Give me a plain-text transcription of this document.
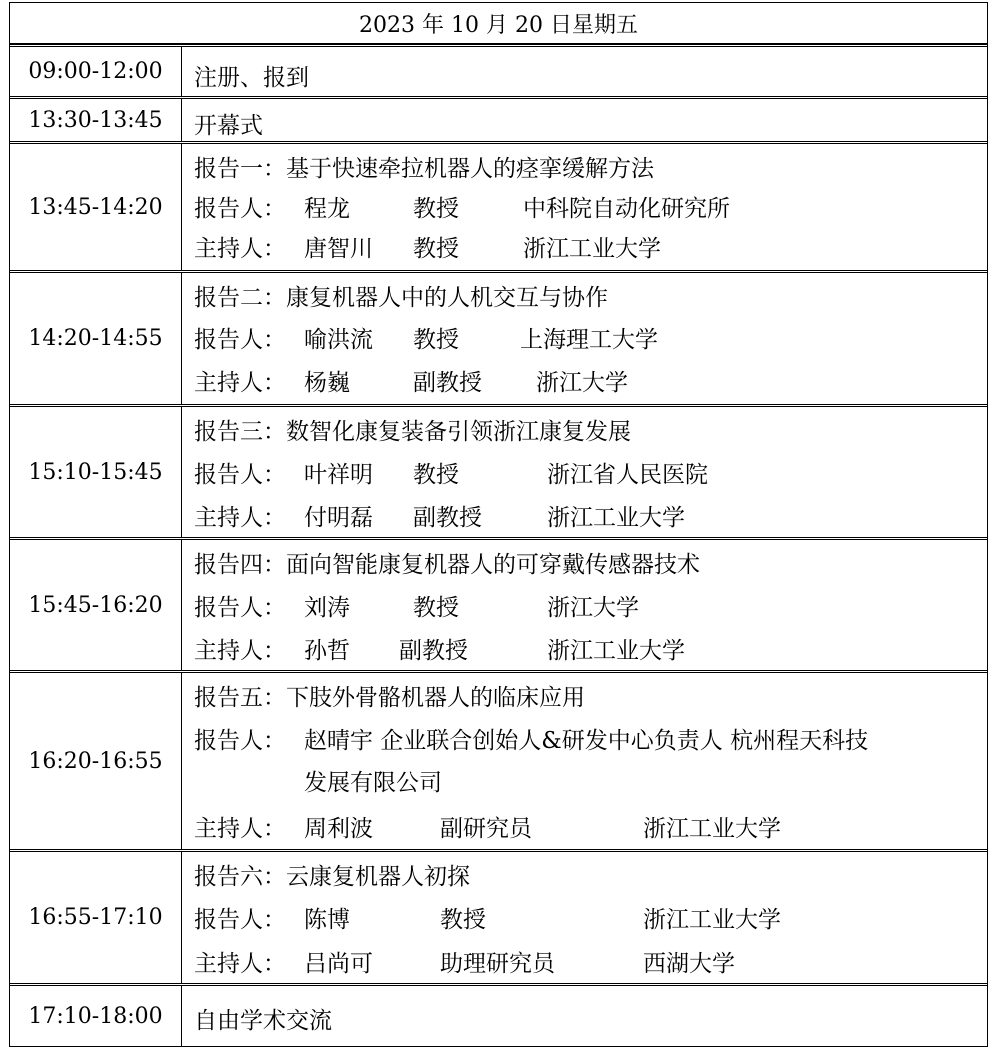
2023 年 10 月 20 日星期五
09:00-12:00	注册、报到
13:30-13:45	开幕式
13:45-14:20
报告一：基于快速牵拉机器人的痉挛缓解方法
报告人： 程龙	教授	中科院自动化研究所
主持人： 唐智川 教授	浙江工业大学
14:20-14:55
报告二：康复机器人中的人机交互与协作
报告人： 喻洪流 教授	上海理工大学
主持人： 杨巍	副教授 浙江大学
15:10-15:45
报告三：数智化康复装备引领浙江康复发展
报告人： 叶祥明 教授	浙江省人民医院
主持人： 付明磊 副教授	浙江工业大学
15:45-16:20
报告四：面向智能康复机器人的可穿戴传感器技术
报告人： 刘涛	教授	浙江大学
主持人： 孙哲 副教授	浙江工业大学
16:20-16:55
报告五：下肢外骨骼机器人的临床应用
报告人： 赵晴宇 企业联合创始人&研发中心负责人 杭州程天科技
发展有限公司
主持人： 周利波	副研究员	浙江工业大学
16:55-17:10
报告六：云康复机器人初探
报告人： 陈博	教授	浙江工业大学
主持人： 吕尚可	助理研究员	西湖大学
17:10-18:00	自由学术交流
